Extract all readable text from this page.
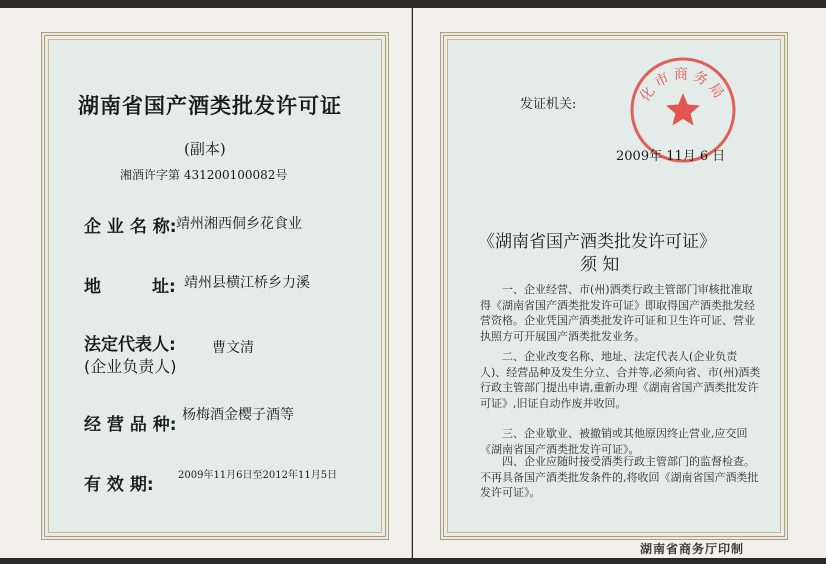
湖南省国产酒类批发许可证
(副本)
湘酒许字第 431200100082号
企 业 名 称: 靖州湘西侗乡花食业
地	址: 靖州县横江桥乡力溪
法定代表人:
(企业负责人)
曹文清
经 营 品 种: 杨梅酒金樱子酒等
有 效 期: 2009年11月6日至2012年11月5日
发证机关:	化市商务局
2009年 11月 6 日
《湖南省国产酒类批发许可证》
须 知
一、企业经营、市(州)酒类行政主管部门审核批准取得《湖南省国产酒类批发许可证》即取得国产酒类批发经营资格。企业凭国产酒类批发许可证和卫生许可证、营业执照方可开展国产酒类批发业务。
二、企业改变名称、地址、法定代表人(企业负责人)、经营品种及发生分立、合并等,必须向省、市(州)酒类行政主管部门提出申请,重新办理《湖南省国产酒类批发许可证》,旧证自动作废并收回。
三、企业歇业、被撤销或其他原因终止营业,应交回《湖南省国产酒类批发许可证》。
四、企业应随时接受酒类行政主管部门的监督检查。不再具备国产酒类批发条件的,将收回《湖南省国产酒类批发许可证》。
湖南省商务厅印制
